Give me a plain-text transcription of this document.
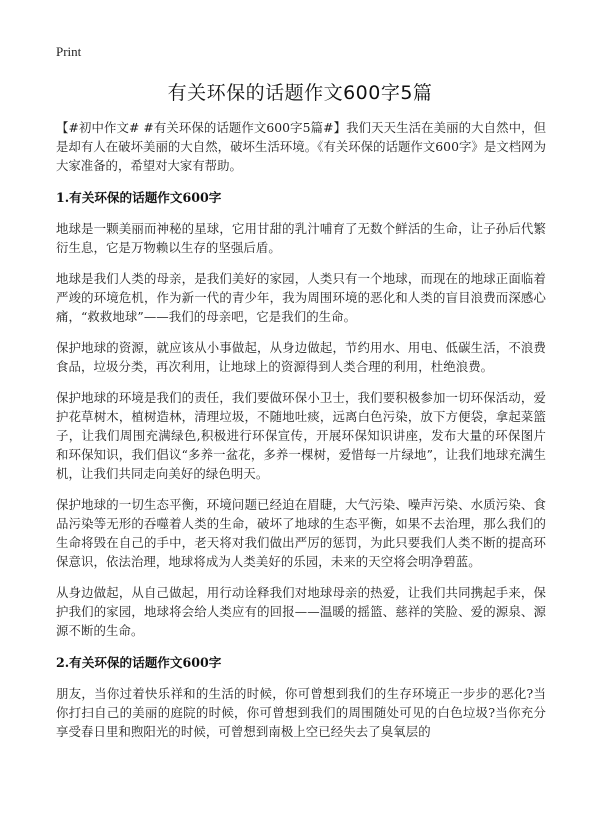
Print
有关环保的话题作文600字5篇

【#初中作文# #有关环保的话题作文600字5篇#】我们天天生活在美丽的大自然中，但是却有人在破坏美丽的大自然，破坏生活环境。《有关环保的话题作文600字》是文档网为大家准备的，希望对大家有帮助。

1.有关环保的话题作文600字

地球是一颗美丽而神秘的星球，它用甘甜的乳汁哺育了无数个鲜活的生命，让子孙后代繁衍生息，它是万物赖以生存的坚强后盾。

地球是我们人类的母亲，是我们美好的家园，人类只有一个地球，而现在的地球正面临着严竣的环境危机，作为新一代的青少年，我为周围环境的恶化和人类的盲目浪费而深感心痛，“救救地球”——我们的母亲吧，它是我们的生命。

保护地球的资源，就应该从小事做起，从身边做起，节约用水、用电、低碳生活，不浪费食品，垃圾分类，再次利用，让地球上的资源得到人类合理的利用，杜绝浪费。

保护地球的环境是我们的责任，我们要做环保小卫士，我们要积极参加一切环保活动，爱护花草树木，植树造林，清理垃圾，不随地吐痰，远离白色污染，放下方便袋，拿起菜篮子，让我们周围充满绿色,积极进行环保宣传，开展环保知识讲座，发布大量的环保图片和环保知识，我们倡议“多养一盆花，多养一棵树，爱惜每一片绿地”，让我们地球充满生机，让我们共同走向美好的绿色明天。

保护地球的一切生态平衡，环境问题已经迫在眉睫，大气污染、噪声污染、水质污染、食品污染等无形的吞噬着人类的生命，破坏了地球的生态平衡，如果不去治理，那么我们的生命将毁在自己的手中，老天将对我们做出严厉的惩罚，为此只要我们人类不断的提高环保意识，依法治理，地球将成为人类美好的乐园，未来的天空将会明净碧蓝。

从身边做起，从自己做起，用行动诠释我们对地球母亲的热爱，让我们共同携起手来，保护我们的家园，地球将会给人类应有的回报——温暖的摇篮、慈祥的笑脸、爱的源泉、源源不断的生命。

2.有关环保的话题作文600字

朋友，当你过着快乐祥和的生活的时候，你可曾想到我们的生存环境正一步步的恶化?当你打扫自己的美丽的庭院的时候，你可曾想到我们的周围随处可见的白色垃圾?当你充分享受春日里和煦阳光的时候，可曾想到南极上空已经失去了臭氧层的
